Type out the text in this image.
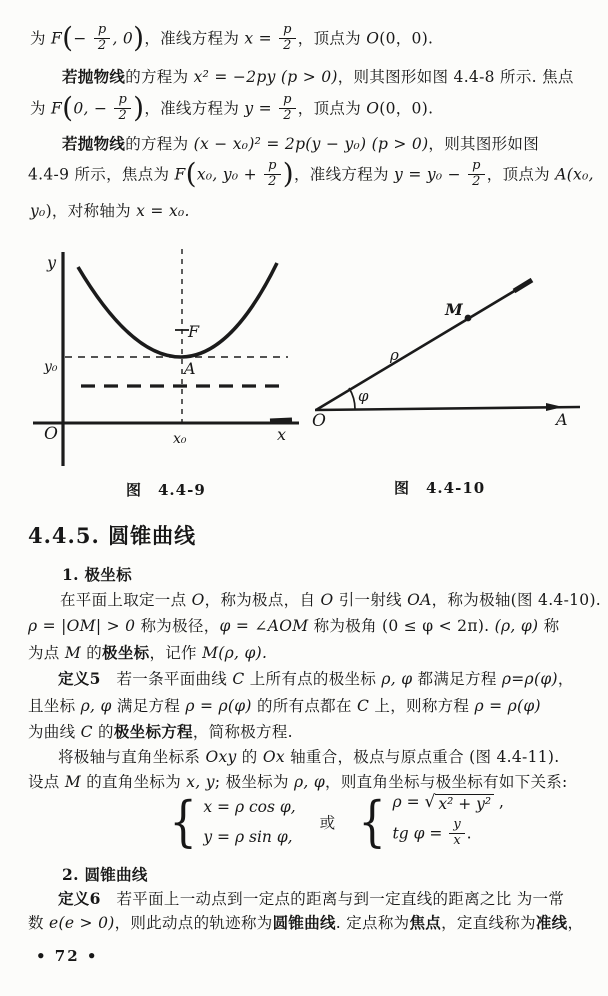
为 $F(- \frac{p}{2}$ , 0)，准线方程为 $x = \frac{p}{2}$ ，顶点为 O(0，0).
若抛物线的方程为 x² = −2py (p > 0)，则其图形如图 4.4-8 所示. 焦点
为 F(0, − $\frac{p}{2}$ )，准线方程为 $y = \frac{p}{2}$ ，顶点为 O(0，0).
若抛物线的方程为 (x − x₀)² = 2p(y − y₀) (p > 0)，则其图形如图
4.4-9 所示，焦点为 F(x₀, $y_0 + \frac{p}{2}$ )，准线方程为 $y = y_0 - \frac{p}{2}$ ，顶点为 A(x₀,
y₀)，对称轴为 x = x₀.
y
x
O
F
A
y₀
x₀
M
ρ
φ
O	A
图　4.4-9	图　4.4-10
4.4.5. 圆锥曲线
1. 极坐标
在平面上取定一点 O，称为极点，自 O 引一射线 OA，称为极轴(图 4.4-10).
ρ = |OM| > 0 称为极径，φ = ∠AOM 称为极角 (0 ≤ φ < 2π). (ρ, φ) 称
为点 M 的极坐标，记作 M(ρ, φ).
定义5　若一条平面曲线 C 上所有点的极坐标 ρ, φ 都满足方程 ρ=ρ(φ)，
且坐标 ρ, φ 满足方程 ρ = ρ(φ) 的所有点都在 C 上，则称方程 ρ = ρ(φ)
为曲线 C 的极坐标方程，简称极方程.
将极轴与直角坐标系 Oxy 的 Ox 轴重合，极点与原点重合 (图 4.4-11).
设点 M 的直角坐标为 x, y; 极坐标为 ρ, φ，则直角坐标与极坐标有如下关系:
{ x = ρ cos φ,
y = ρ sin φ,
或 { ρ = √ x² + y² ,
tg $\varphi = \frac{y}{x}$ .
2. 圆锥曲线
定义6　若平面上一动点到一定点的距离与到一定直线的距离之比 为一常
数 e(e > 0)，则此动点的轨迹称为圆锥曲线. 定点称为焦点，定直线称为准线，
• 72 •
